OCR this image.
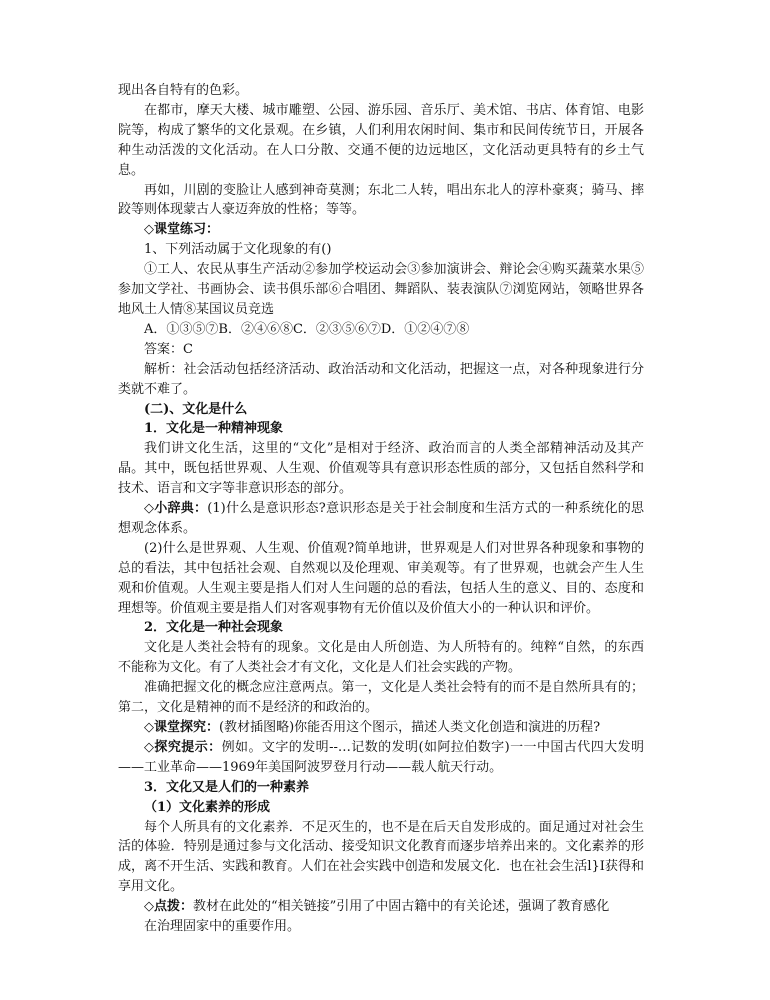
现出各自特有的色彩。

在都市，摩天大楼、城市雕塑、公园、游乐园、音乐厅、美术馆、书店、体育馆、电影院等，构成了繁华的文化景观。在乡镇，人们利用农闲时间、集市和民间传统节日，开展各种生动活泼的文化活动。在人口分散、交通不便的边远地区，文化活动更具特有的乡土气息。

再如，川剧的变脸让人感到神奇莫测；东北二人转，唱出东北人的淳朴豪爽；骑马、摔跤等则体现蒙古人豪迈奔放的性格；等等。

◇课堂练习：

1、下列活动属于文化现象的有()

①工人、农民从事生产活动②参加学校运动会③参加演讲会、辩论会④购买蔬菜水果⑤参加文学社、书画协会、读书俱乐部⑥合唱团、舞蹈队、装表演队⑦浏览网站，领略世界各地风土人情⑧某国议员竞选

A．①③⑤⑦B．②④⑥⑧C．②③⑤⑥⑦D．①②④⑦⑧

答案：C

解析：社会活动包括经济活动、政治活动和文化活动，把握这一点，对各种现象进行分类就不难了。

(二)、文化是什么

1．文化是一种精神现象

我们讲文化生活，这里的“文化”是相对于经济、政治而言的人类全部精神活动及其产晶。其中，既包括世界观、人生观、价值观等具有意识形态性质的部分，又包括自然科学和技术、语言和文字等非意识形态的部分。

◇小辞典：(1)什么是意识形态?意识形态是关于社会制度和生活方式的一种系统化的思想观念体系。

(2)什么是世界观、人生观、价值观?简单地讲，世界观是人们对世界各种现象和事物的总的看法，其中包括社会观、自然观以及伦理观、审美观等。有了世界观，也就会产生人生观和价值观。人生观主要是指人们对人生问题的总的看法，包括人生的意义、目的、态度和理想等。价值观主要是指人们对客观事物有无价值以及价值大小的一种认识和评价。

2．文化是一种社会现象

文化是人类社会特有的现象。文化是由人所创造、为人所特有的。纯粹“自然，的东西不能称为文化。有了人类社会才有文化，文化是人们社会实践的产物。

准确把握文化的概念应注意两点。第一，文化是人类社会特有的而不是自然所具有的；第二，文化是精神的而不是经济的和政治的。

◇课堂探究：(教材插图略)你能否用这个图示，描述人类文化创造和演进的历程?

◇探究提示：例如。文字的发明--…记数的发明(如阿拉伯数字)一一中国古代四大发明——工业革命——1969年美国阿波罗登月行动——载人航天行动。

3．文化又是人们的一种素养

（1）文化素养的形成

每个人所具有的文化素养．不足灭生的，也不是在后天自发形成的。面足通过对社会生活的体验．特别是通过参与文化活动、接受知识文化教育而逐步培养出来的。文化素养的形成，离不开生活、实践和教育。人们在社会实践中创造和发展文化．也在社会生活l}I获得和享用文化。

◇点拨：教材在此处的“相关链接”引用了中固古籍中的有关论述，强调了教育感化

在治理固家中的重要作用。
